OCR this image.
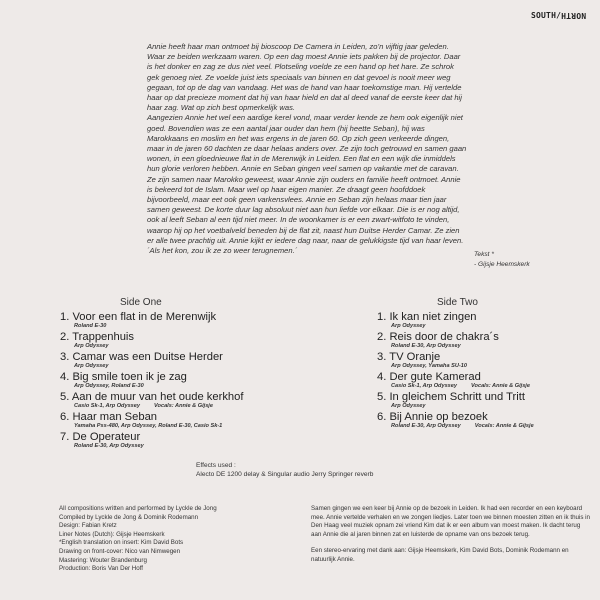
SOUTH/NORTH

Annie heeft haar man ontmoet bij bioscoop De Camera in Leiden, zo’n vijftig jaar geleden. Waar ze beiden werkzaam waren. Op een dag moest Annie iets pakken bij de projector. Daar is het donker en zag ze dus niet veel. Plotseling voelde ze een hand op het hare. Ze schrok gek genoeg niet. Ze voelde juist iets speciaals van binnen en dat gevoel is nooit meer weg gegaan, tot op de dag van vandaag. Het was de hand van haar toekomstige man. Hij vertelde haar op dat precieze moment dat hij van haar hield en dat al deed vanaf de eerste keer dat hij haar zag. Wat op zich best opmerkelijk was.

Aangezien Annie het wel een aardige kerel vond, maar verder kende ze hem ook eigenlijk niet goed. Bovendien was ze een aantal jaar ouder dan hem (hij heette Seban), hij was Marokkaans en moslim en het was ergens in de jaren 60. Op zich geen verkeerde dingen, maar in de jaren 60 dachten ze daar helaas anders over. Ze zijn toch getrouwd en samen gaan wonen, in een gloednieuwe flat in de Merenwijk in Leiden. Een flat en een wijk die inmiddels hun glorie verloren hebben. Annie en Seban gingen veel samen op vakantie met de caravan. Ze zijn samen naar Marokko geweest, waar Annie zijn ouders en familie heeft ontmoet. Annie is bekeerd tot de Islam. Maar wel op haar eigen manier. Ze draagt geen hoofddoek bijvoorbeeld, maar eet ook geen varkensvlees. Annie en Seban zijn helaas maar tien jaar samen geweest. De korte duur lag absoluut niet aan hun liefde vor elkaar. Die is er nog altijd, ook al leeft Seban al een tijd niet meer. In de woonkamer is er een zwart-witfoto te vinden, waarop hij op het voetbalveld beneden bij de flat zit, naast hun Duitse Herder Camar. Ze zien er alle twee prachtig uit. Annie kijkt er iedere dag naar, naar de gelukkigste tijd van haar leven.

´Als het kon, zou ik ze zo weer terugnemen.´	Tekst *
- Gijsje Heemskerk
Side One
1. Voor een flat in de Merenwijk
Roland E-30
2. Trappenhuis
Arp Odyssey
3. Camar was een Duitse Herder
Arp Odyssey
4. Big smile toen ik je zag
Arp Odyssey, Roland E-30
5. Aan de muur van het oude kerkhof
Casio Sk-1, Arp Odyssey	Vocals: Annie & Gijsje
6. Haar man Seban
Yamaha Pss-480, Arp Odyssey, Roland E-30, Casio Sk-1
7. De Operateur
Roland E-30, Arp Odyssey
Side Two
1. Ik kan niet zingen
Arp Odyssey
2. Reis door de chakra´s
Roland E-30, Arp Odyssey
3. TV Oranje
Arp Odyssey, Yamaha SU-10
4. Der gute Kamerad
Casio Sk-1, Arp Odyssey	Vocals: Annie & Gijsje
5. In gleichem Schritt und Tritt
Arp Odyssey
6. Bij Annie op bezoek
Roland E-30, Arp Odyssey	Vocals: Annie & Gijsje
Effects used :
Alecto DE 1200 delay & Singular audio Jerry Springer reverb
All compositions written and performed by Lyckle de Jong
Compiled by Lyckle de Jong & Dominik Rodemann
Design: Fabian Kretz
Liner Notes (Dutch): Gijsje Heemskerk
*English translation on insert: Kim David Bots
Drawing on front-cover: Nico van Nimwegen
Mastering: Wouter Brandenburg
Production: Boris Van Der Hoff

Samen gingen we een keer bij Annie op de bezoek in Leiden. Ik had een recorder en een keyboard mee. Annie vertelde verhalen en we zongen liedjes. Later toen we binnen moesten zitten en ik thuis in Den Haag veel muziek opnam zei vriend Kim dat ik er een album van moest maken. Ik dacht terug aan Annie die al jaren binnen zat en luisterde de opname van ons bezoek terug.

Een stereo-ervaring met dank aan: Gijsje Heemskerk, Kim David Bots, Dominik Rodemann en natuurlijk Annie.
